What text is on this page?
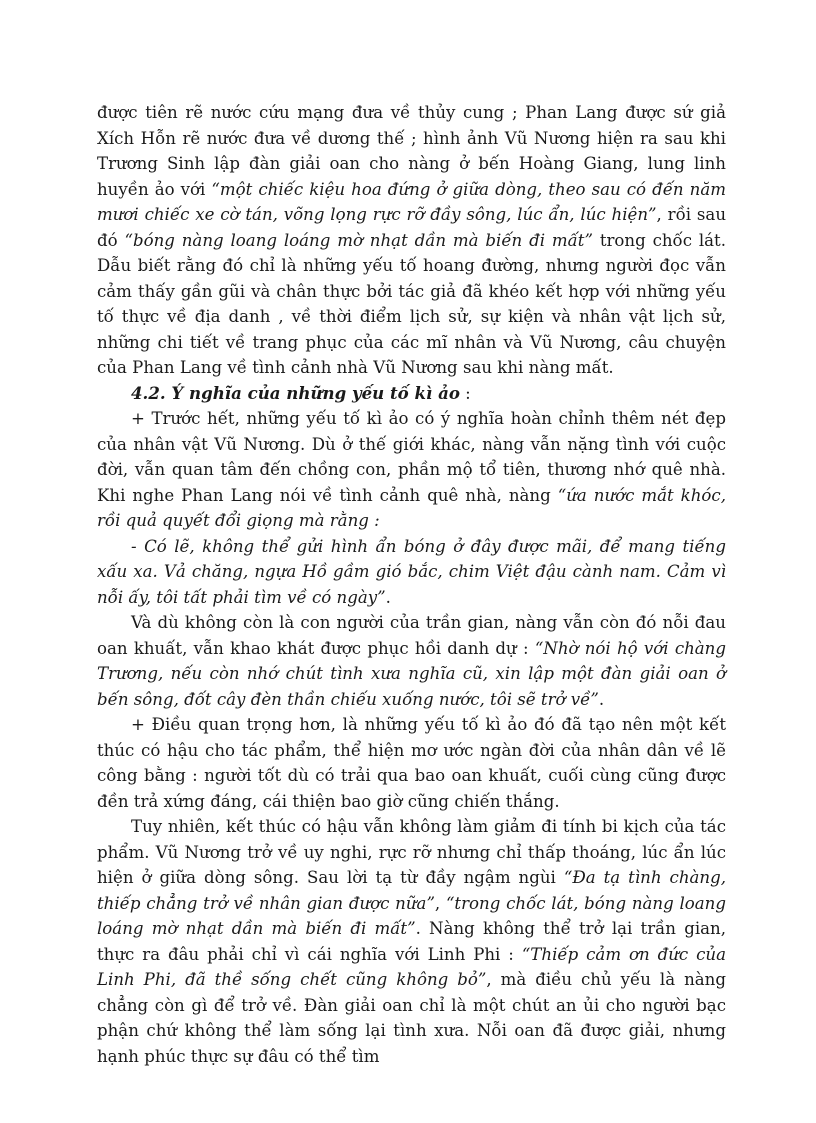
được tiên rẽ nước cứu mạng đưa về thủy cung ; Phan Lang được sứ giả Xích Hỗn rẽ nước đưa về dương thế ; hình ảnh Vũ Nương hiện ra sau khi Trương Sinh lập đàn giải oan cho nàng ở bến Hoàng Giang, lung linh huyền ảo với “một chiếc kiệu hoa đứng ở giữa dòng, theo sau có đến năm mươi chiếc xe cờ tán, võng lọng rực rỡ đầy sông, lúc ẩn, lúc hiện”, rồi sau đó “bóng nàng loang loáng mờ nhạt dần mà biến đi mất” trong chốc lát. Dẫu biết rằng đó chỉ là những yếu tố hoang đường, nhưng người đọc vẫn cảm thấy gần gũi và chân thực bởi tác giả đã khéo kết hợp với những yếu tố thực về địa danh , về thời điểm lịch sử, sự kiện và nhân vật lịch sử, những chi tiết về trang phục của các mĩ nhân và Vũ Nương, câu chuyện của Phan Lang về tình cảnh nhà Vũ Nương sau khi nàng mất.

4.2. Ý nghĩa của những yếu tố kì ảo :

+ Trước hết, những yếu tố kì ảo có ý nghĩa hoàn chỉnh thêm nét đẹp của nhân vật Vũ Nương. Dù ở thế giới khác, nàng vẫn nặng tình với cuộc đời, vẫn quan tâm đến chồng con, phần mộ tổ tiên, thương nhớ quê nhà. Khi nghe Phan Lang nói về tình cảnh quê nhà, nàng “ứa nước mắt khóc, rồi quả quyết đổi giọng mà rằng :

- Có lẽ, không thể gửi hình ẩn bóng ở đây được mãi, để mang tiếng xấu xa. Vả chăng, ngựa Hồ gầm gió bắc, chim Việt đậu cành nam. Cảm vì nỗi ấy, tôi tất phải tìm về có ngày”.

Và dù không còn là con người của trần gian, nàng vẫn còn đó nỗi đau oan khuất, vẫn khao khát được phục hồi danh dự : “Nhờ nói hộ với chàng Trương, nếu còn nhớ chút tình xưa nghĩa cũ, xin lập một đàn giải oan ở bến sông, đốt cây đèn thần chiếu xuống nước, tôi sẽ trở về”.

+ Điều quan trọng hơn, là những yếu tố kì ảo đó đã tạo nên một kết thúc có hậu cho tác phẩm, thể hiện mơ ước ngàn đời của nhân dân về lẽ công bằng : người tốt dù có trải qua bao oan khuất, cuối cùng cũng được đền trả xứng đáng, cái thiện bao giờ cũng chiến thắng.

Tuy nhiên, kết thúc có hậu vẫn không làm giảm đi tính bi kịch của tác phẩm. Vũ Nương trở về uy nghi, rực rỡ nhưng chỉ thấp thoáng, lúc ẩn lúc hiện ở giữa dòng sông. Sau lời tạ từ đầy ngậm ngùi “Đa tạ tình chàng, thiếp chẳng trở về nhân gian được nữa”, “trong chốc lát, bóng nàng loang loáng mờ nhạt dần mà biến đi mất”. Nàng không thể trở lại trần gian, thực ra đâu phải chỉ vì cái nghĩa với Linh Phi : “Thiếp cảm ơn đức của Linh Phi, đã thề sống chết cũng không bỏ”, mà điều chủ yếu là nàng chẳng còn gì để trở về. Đàn giải oan chỉ là một chút an ủi cho người bạc phận chứ không thể làm sống lại tình xưa. Nỗi oan đã được giải, nhưng hạnh phúc thực sự đâu có thể tìm
